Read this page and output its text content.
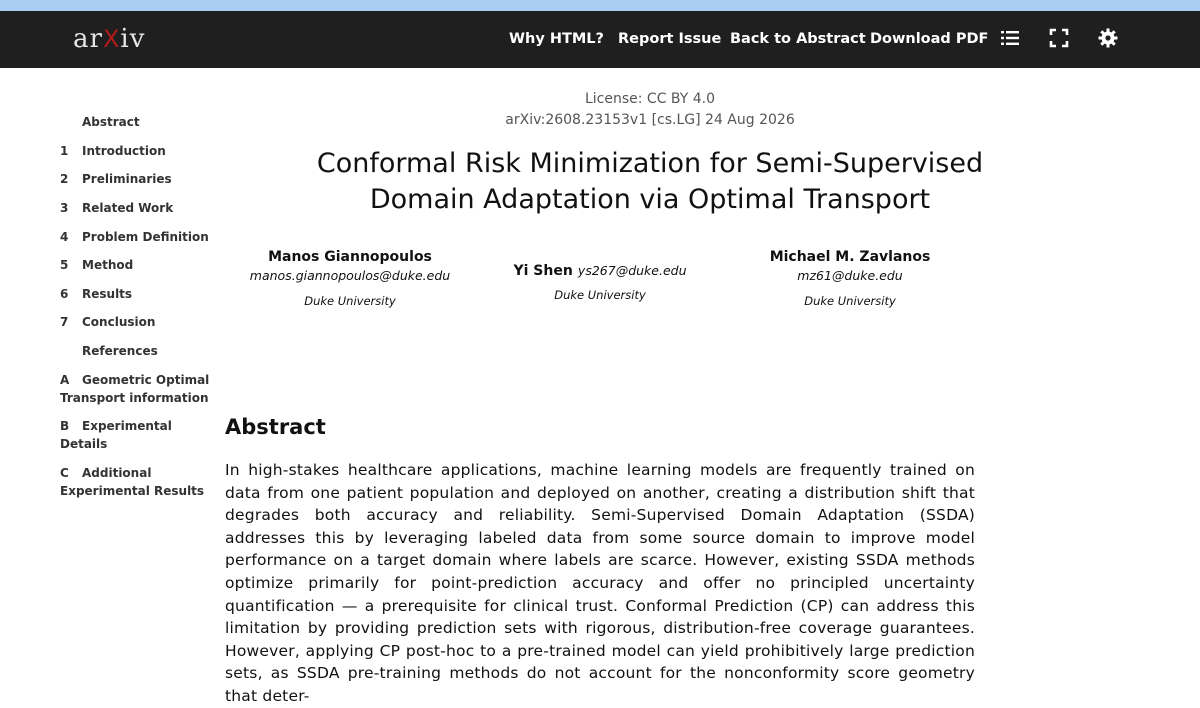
arXiv	Why HTML? Report Issue Back to Abstract Download PDF
Abstract
1 Introduction
2 Preliminaries
3 Related Work
4 Problem Definition
5 Method
6 Results
7 Conclusion
References
A Geometric Optimal Transport information
B Experimental Details
C Additional Experimental Results
License: CC BY 4.0
arXiv:2608.23153v1 [cs.LG] 24 Aug 2026
Conformal Risk Minimization for Semi-Supervised
Domain Adaptation via Optimal Transport
Manos Giannopoulos
manos.giannopoulos@duke.edu
Duke University
Yi Shen ys267@duke.edu
Duke University
Michael M. Zavlanos
mz61@duke.edu
Duke University
Abstract
In high-stakes healthcare applications, machine learning models are frequently trained on data from one patient population and deployed on another, creating a distribution shift that degrades both accuracy and reliability. Semi-Supervised Domain Adaptation (SSDA) addresses this by leveraging labeled data from some source domain to improve model performance on a target domain where labels are scarce. However, existing SSDA methods optimize primarily for point-prediction accuracy and offer no principled uncertainty quantification — a prerequisite for clinical trust. Conformal Prediction (CP) can address this limitation by providing prediction sets with rigorous, distribution-free coverage guarantees. However, applying CP post-hoc to a pre-trained model can yield prohibitively large prediction sets, as SSDA pre-training methods do not account for the nonconformity score geometry that deter-
